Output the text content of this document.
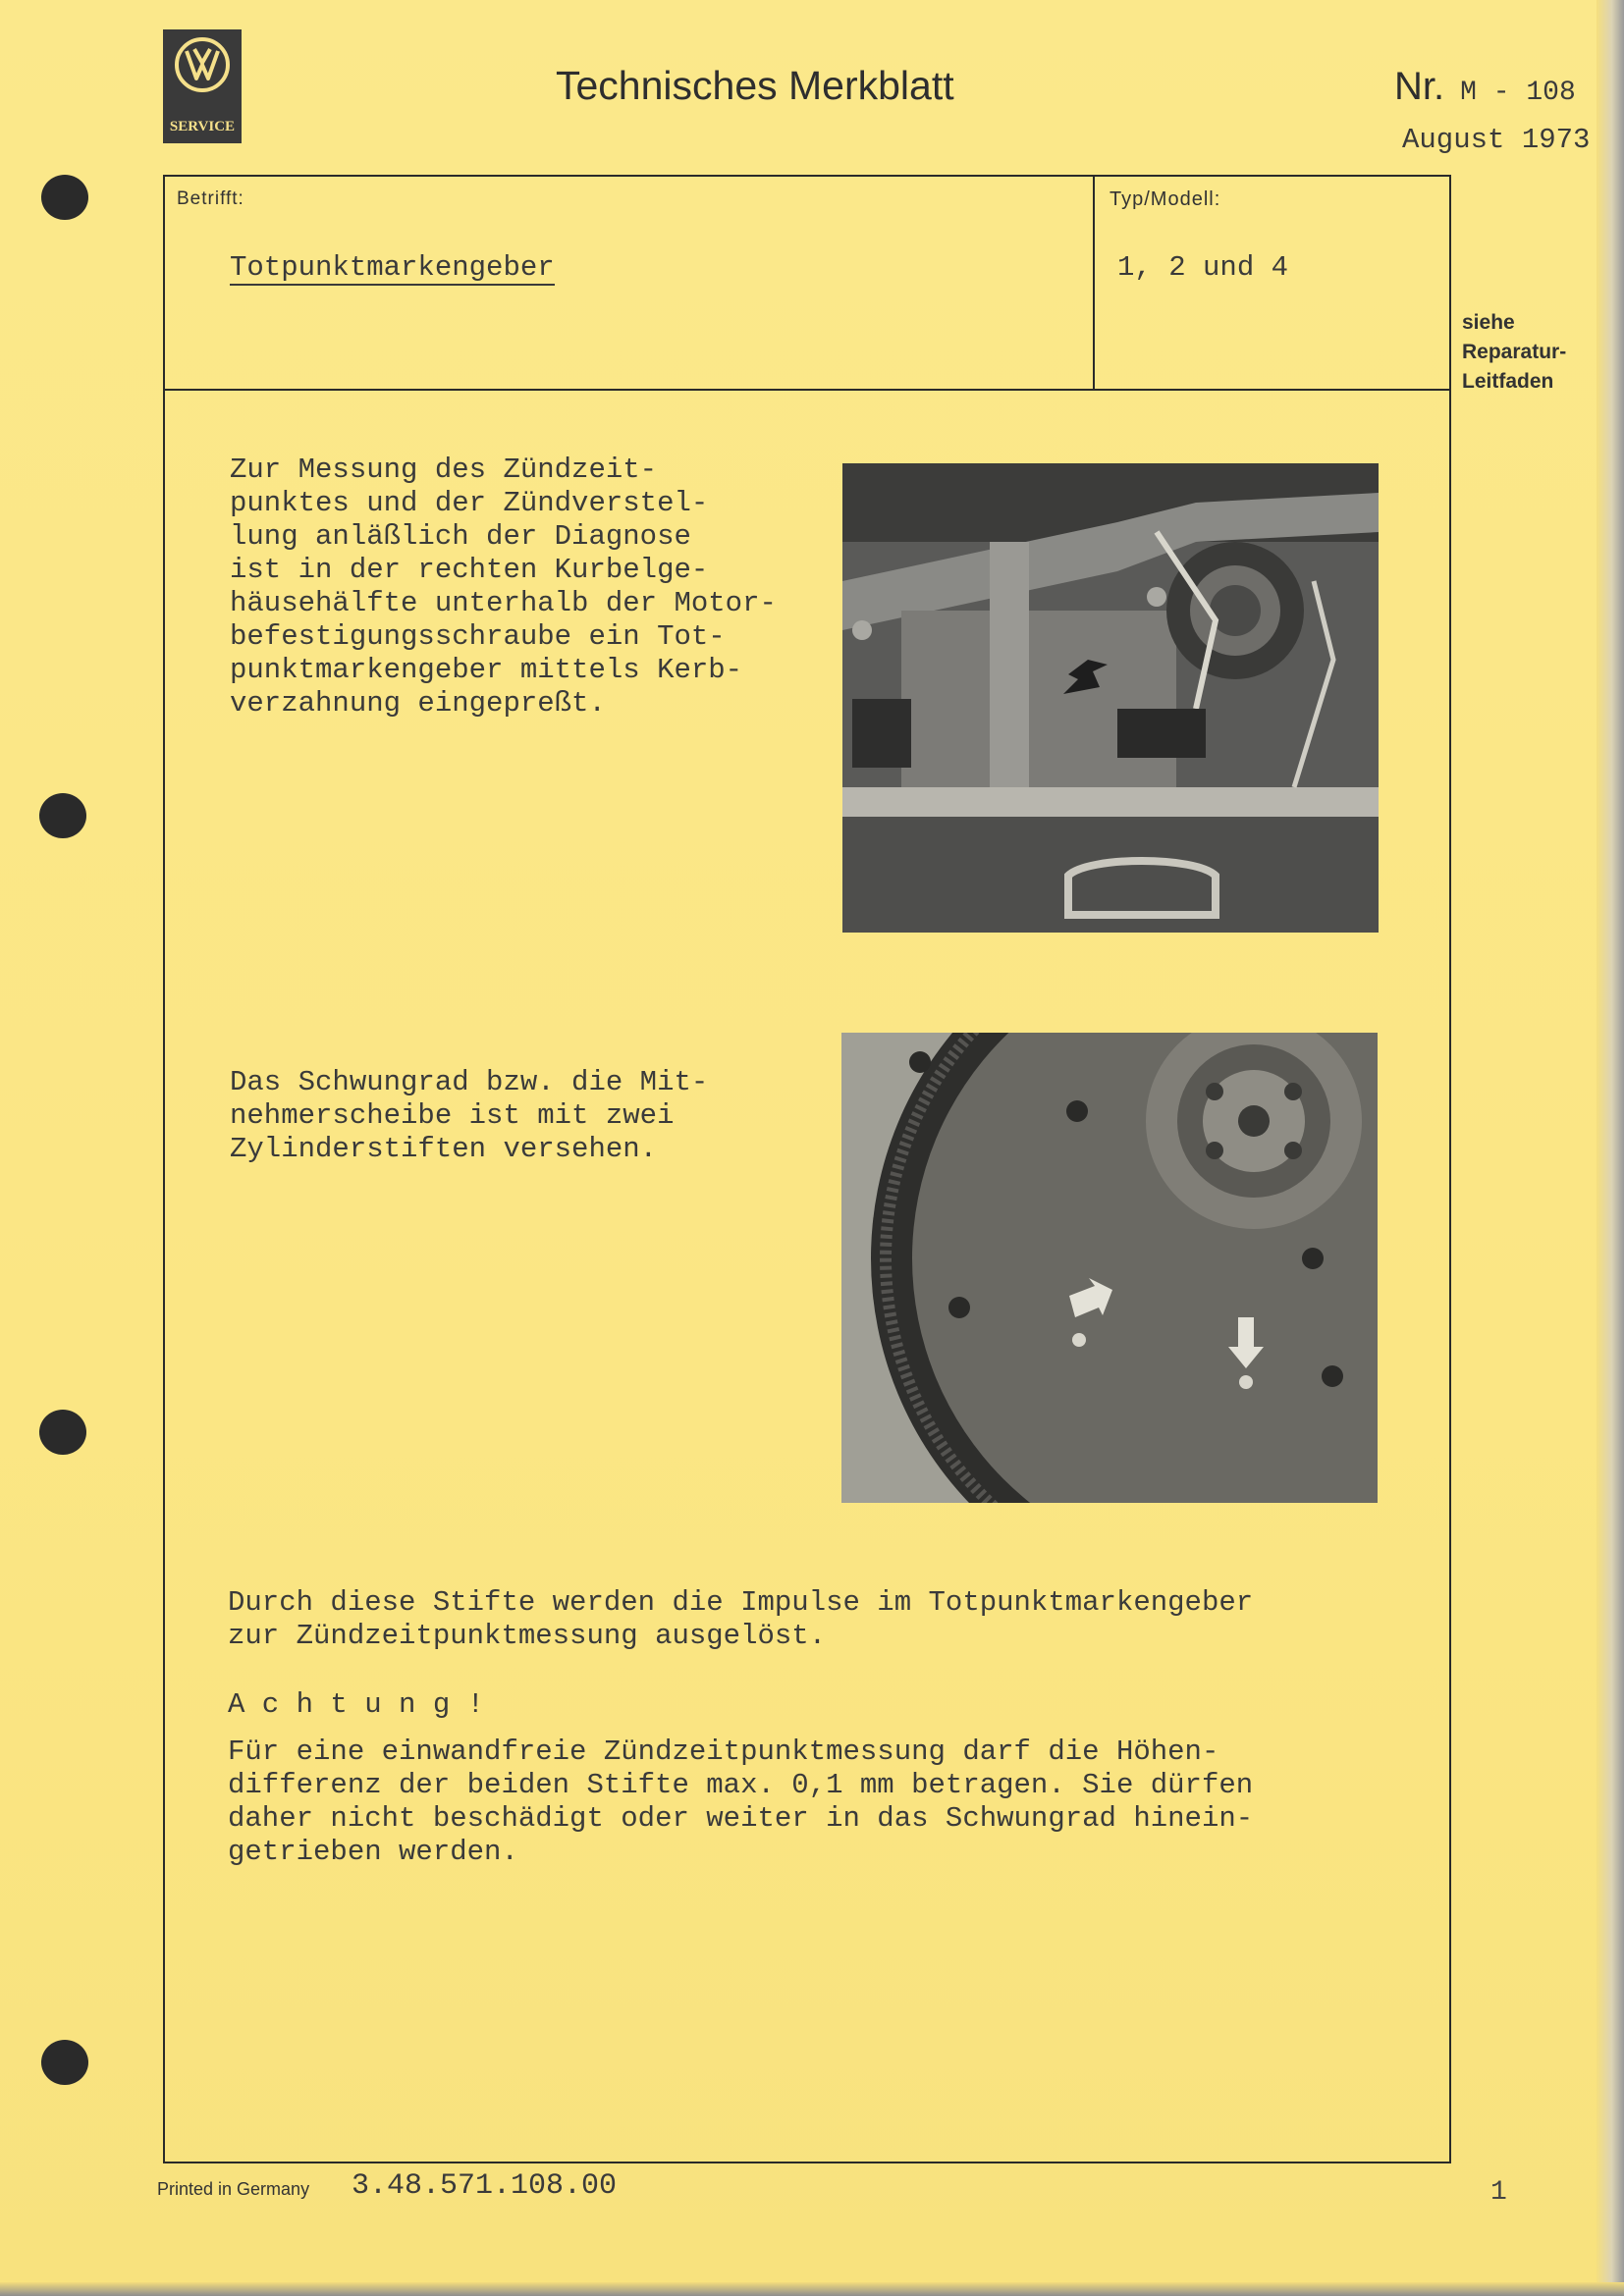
SERVICE
Technisches Merkblatt	Nr. M - 108
August 1973
Betrifft:
Totpunktmarkengeber
Typ/Modell:
1, 2 und 4
siehe
Reparatur-
Leitfaden
Zur Messung des Zündzeit-
punktes und der Zündverstel-
lung anläßlich der Diagnose
ist in der rechten Kurbelge-
häusehälfte unterhalb der Motor-
befestigungsschraube ein Tot-
punktmarkengeber mittels Kerb-
verzahnung eingepreßt.
Das Schwungrad bzw. die Mit-
nehmerscheibe ist mit zwei
Zylinderstiften versehen.
Durch diese Stifte werden die Impulse im Totpunktmarkengeber
zur Zündzeitpunktmessung ausgelöst.
A c h t u n g !
Für eine einwandfreie Zündzeitpunktmessung darf die Höhen-
differenz der beiden Stifte max. 0,1 mm betragen. Sie dürfen
daher nicht beschädigt oder weiter in das Schwungrad hinein-
getrieben werden.
Printed in Germany 3.48.571.108.00	1
